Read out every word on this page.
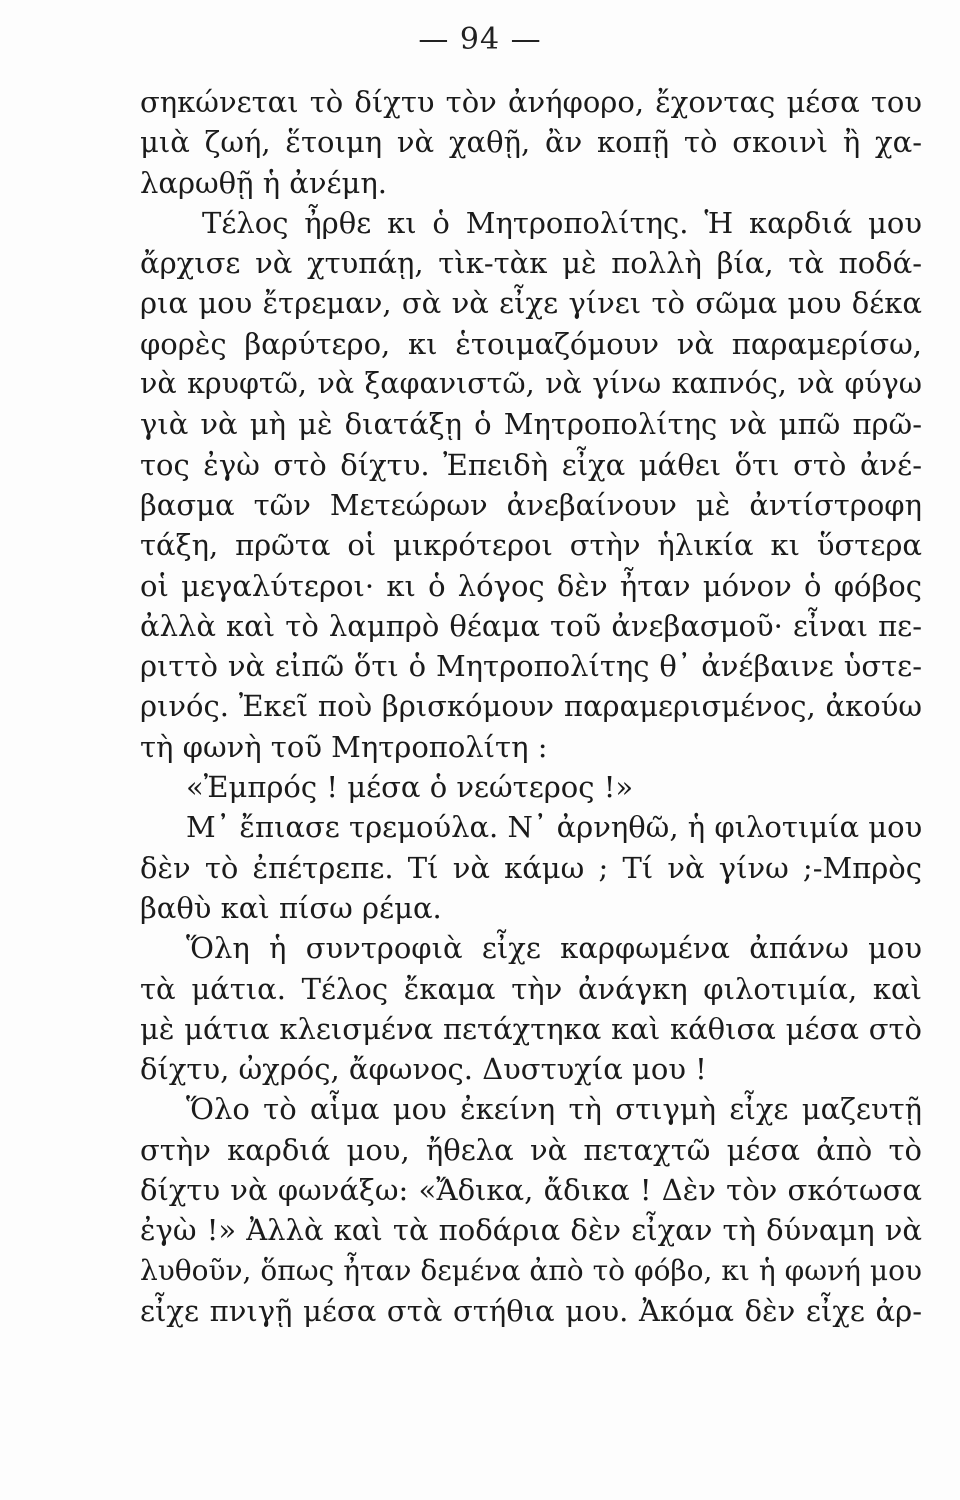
— 94 —
σηκώνεται τὸ δίχτυ τὸν ἀνήφορο, ἔχοντας μέσα του
μιὰ ζωή, ἕτοιμη νὰ χαθῇ, ἂν κοπῇ τὸ σκοινὶ ἢ χα-
λαρωθῇ ἡ ἀνέμη.
Τέλος ἦρθε κι ὁ Μητροπολίτης. Ἡ καρδιά μου
ἄρχισε νὰ χτυπάῃ, τὶκ-τὰκ μὲ πολλὴ βία, τὰ ποδά-
ρια μου ἔτρεμαν, σὰ νὰ εἶχε γίνει τὸ σῶμα μου δέκα
φορὲς βαρύτερο, κι ἑτοιμαζόμουν νὰ παραμερίσω,
νὰ κρυφτῶ, νὰ ξαφανιστῶ, νὰ γίνω καπνός, νὰ φύγω
γιὰ νὰ μὴ μὲ διατάξῃ ὁ Μητροπολίτης νὰ μπῶ πρῶ-
τος ἐγὼ στὸ δίχτυ. Ἐπειδὴ εἶχα μάθει ὅτι στὸ ἀνέ-
βασμα τῶν Μετεώρων ἀνεβαίνουν μὲ ἀντίστροφη
τάξη, πρῶτα οἱ μικρότεροι στὴν ἡλικία κι ὕστερα
οἱ μεγαλύτεροι· κι ὁ λόγος δὲν ἦταν μόνον ὁ φόβος
ἀλλὰ καὶ τὸ λαμπρὸ θέαμα τοῦ ἀνεβασμοῦ· εἶναι πε-
ριττὸ νὰ εἰπῶ ὅτι ὁ Μητροπολίτης θ᾽ ἀνέβαινε ὑστε-
ρινός. Ἐκεῖ ποὺ βρισκόμουν παραμερισμένος, ἀκούω
τὴ φωνὴ τοῦ Μητροπολίτη :
«Ἐμπρός ! μέσα ὁ νεώτερος !»
Μ᾽ ἔπιασε τρεμούλα. Ν᾽ ἀρνηθῶ, ἡ φιλοτιμία μου
δὲν τὸ ἐπέτρεπε. Τί νὰ κάμω ; Τί νὰ γίνω ;-Μπρὸς
βαθὺ καὶ πίσω ρέμα.
Ὅλη ἡ συντροφιὰ εἶχε καρφωμένα ἀπάνω μου
τὰ μάτια. Τέλος ἔκαμα τὴν ἀνάγκη φιλοτιμία, καὶ
μὲ μάτια κλεισμένα πετάχτηκα καὶ κάθισα μέσα στὸ
δίχτυ, ὠχρός, ἄφωνος. Δυστυχία μου !
Ὅλο τὸ αἷμα μου ἐκείνη τὴ στιγμὴ εἶχε μαζευτῇ
στὴν καρδιά μου, ἤθελα νὰ πεταχτῶ μέσα ἀπὸ τὸ
δίχτυ νὰ φωνάξω: «Ἄδικα, ἄδικα ! Δὲν τὸν σκότωσα
ἐγὼ !» Ἀλλὰ καὶ τὰ ποδάρια δὲν εἶχαν τὴ δύναμη νὰ
λυθοῦν, ὅπως ἦταν δεμένα ἀπὸ τὸ φόβο, κι ἡ φωνή μου
εἶχε πνιγῇ μέσα στὰ στήθια μου. Ἀκόμα δὲν εἶχε ἀρ-
